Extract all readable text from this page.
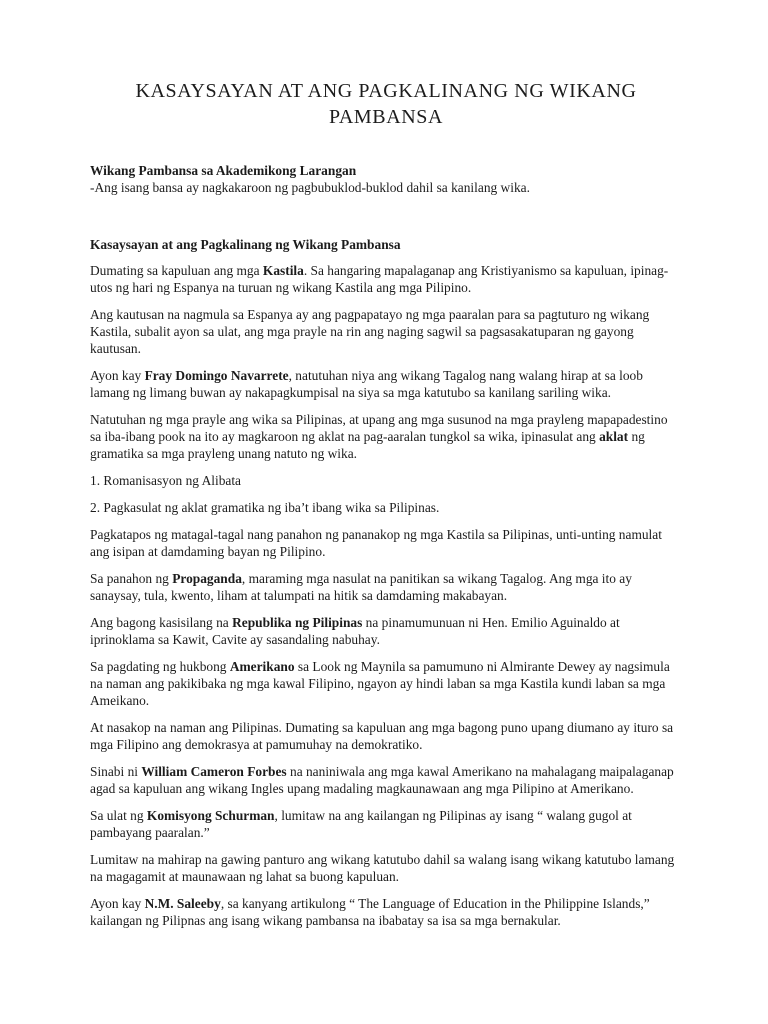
KASAYSAYAN AT ANG PAGKALINANG NG WIKANG
PAMBANSA

Wikang Pambansa sa Akademikong Larangan

-Ang isang bansa ay nagkakaroon ng pagbubuklod-buklod dahil sa kanilang wika.

Kasaysayan at ang Pagkalinang ng Wikang Pambansa

Dumating sa kapuluan ang mga Kastila. Sa hangaring mapalaganap ang Kristiyanismo sa kapuluan, ipinag-utos ng hari ng Espanya na turuan ng wikang Kastila ang mga Pilipino.

Ang kautusan na nagmula sa Espanya ay ang pagpapatayo ng mga paaralan para sa pagtuturo ng wikang Kastila, subalit ayon sa ulat, ang mga prayle na rin ang naging sagwil sa pagsasakatuparan ng gayong kautusan.

Ayon kay Fray Domingo Navarrete, natutuhan niya ang wikang Tagalog nang walang hirap at sa loob lamang ng limang buwan ay nakapagkumpisal na siya sa mga katutubo sa kanilang sariling wika.

Natutuhan ng mga prayle ang wika sa Pilipinas, at upang ang mga susunod na mga prayleng mapapadestino sa iba-ibang pook na ito ay magkaroon ng aklat na pag-aaralan tungkol sa wika, ipinasulat ang aklat ng gramatika sa mga prayleng unang natuto ng wika.

1. Romanisasyon ng Alibata

2. Pagkasulat ng aklat gramatika ng iba’t ibang wika sa Pilipinas.

Pagkatapos ng matagal-tagal nang panahon ng pananakop ng mga Kastila sa Pilipinas, unti-unting namulat ang isipan at damdaming bayan ng Pilipino.

Sa panahon ng Propaganda, maraming mga nasulat na panitikan sa wikang Tagalog. Ang mga ito ay sanaysay, tula, kwento, liham at talumpati na hitik sa damdaming makabayan.

Ang bagong kasisilang na Republika ng Pilipinas na pinamumunuan ni Hen. Emilio Aguinaldo at iprinoklama sa Kawit, Cavite ay sasandaling nabuhay.

Sa pagdating ng hukbong Amerikano sa Look ng Maynila sa pamumuno ni Almirante Dewey ay nagsimula na naman ang pakikibaka ng mga kawal Filipino, ngayon ay hindi laban sa mga Kastila kundi laban sa mga Ameikano.

At nasakop na naman ang Pilipinas. Dumating sa kapuluan ang mga bagong puno upang diumano ay ituro sa mga Filipino ang demokrasya at pamumuhay na demokratiko.

Sinabi ni William Cameron Forbes na naniniwala ang mga kawal Amerikano na mahalagang maipalaganap agad sa kapuluan ang wikang Ingles upang madaling magkaunawaan ang mga Pilipino at Amerikano.

Sa ulat ng Komisyong Schurman, lumitaw na ang kailangan ng Pilipinas ay isang “ walang gugol at pambayang paaralan.”

Lumitaw na mahirap na gawing panturo ang wikang katutubo dahil sa walang isang wikang katutubo lamang na magagamit at maunawaan ng lahat sa buong kapuluan.

Ayon kay N.M. Saleeby, sa kanyang artikulong “ The Language of Education in the Philippine Islands,” kailangan ng Pilipnas ang isang wikang pambansa na ibabatay sa isa sa mga bernakular.
